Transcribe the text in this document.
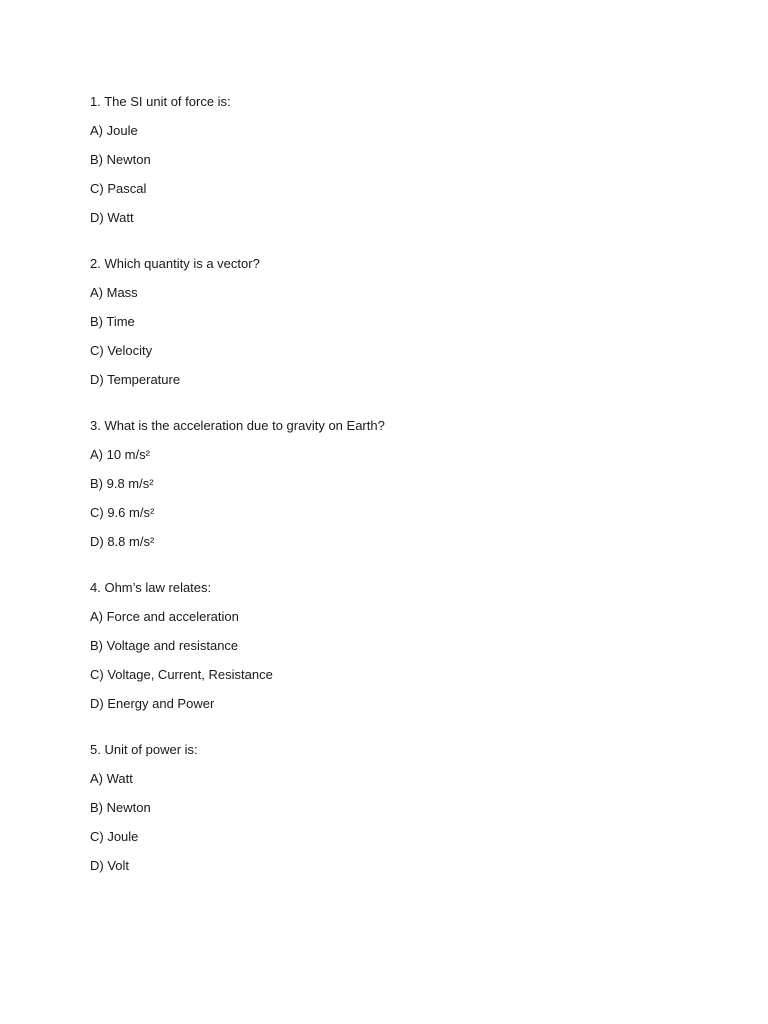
1. The SI unit of force is:
A) Joule
B) Newton
C) Pascal
D) Watt
2. Which quantity is a vector?
A) Mass
B) Time
C) Velocity
D) Temperature
3. What is the acceleration due to gravity on Earth?
A) 10 m/s²
B) 9.8 m/s²
C) 9.6 m/s²
D) 8.8 m/s²
4. Ohm’s law relates:
A) Force and acceleration
B) Voltage and resistance
C) Voltage, Current, Resistance
D) Energy and Power
5. Unit of power is:
A) Watt
B) Newton
C) Joule
D) Volt
